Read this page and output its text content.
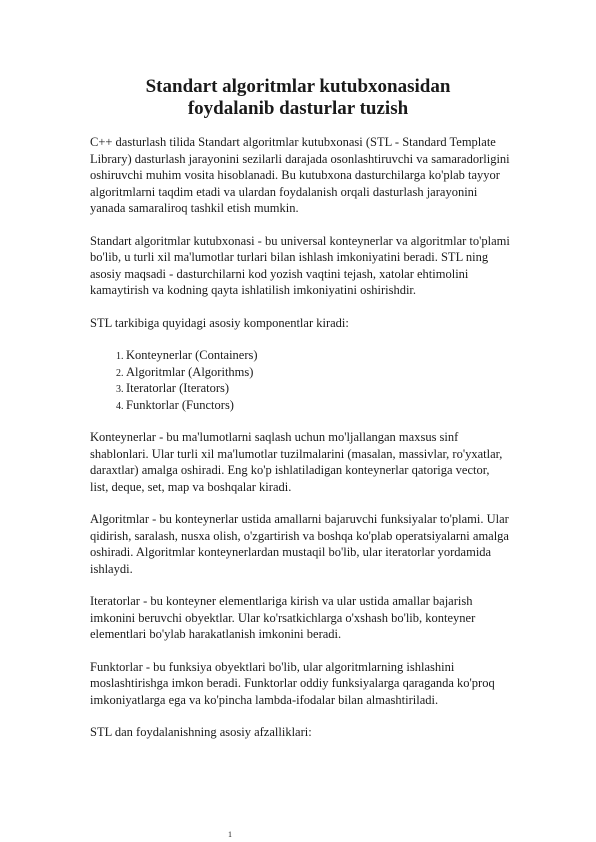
Standart algoritmlar kutubxonasidan
foydalanib dasturlar tuzish

C++ dasturlash tilida Standart algoritmlar kutubxonasi (STL - Standard Template Library) dasturlash jarayonini sezilarli darajada osonlashtiruvchi va samaradorligini oshiruvchi muhim vosita hisoblanadi. Bu kutubxona dasturchilarga ko'plab tayyor algoritmlarni taqdim etadi va ulardan foydalanish orqali dasturlash jarayonini yanada samaraliroq tashkil etish mumkin.

Standart algoritmlar kutubxonasi - bu universal konteynerlar va algoritmlar to'plami bo'lib, u turli xil ma'lumotlar turlari bilan ishlash imkoniyatini beradi. STL ning asosiy maqsadi - dasturchilarni kod yozish vaqtini tejash, xatolar ehtimolini kamaytirish va kodning qayta ishlatilish imkoniyatini oshirishdir.

STL tarkibiga quyidagi asosiy komponentlar kiradi:

1. Konteynerlar (Containers)
2. Algoritmlar (Algorithms)
3. Iteratorlar (Iterators)
4. Funktorlar (Functors)

Konteynerlar - bu ma'lumotlarni saqlash uchun mo'ljallangan maxsus sinf shablonlari. Ular turli xil ma'lumotlar tuzilmalarini (masalan, massivlar, ro'yxatlar, daraxtlar) amalga oshiradi. Eng ko'p ishlatiladigan konteynerlar qatoriga vector, list, deque, set, map va boshqalar kiradi.

Algoritmlar - bu konteynerlar ustida amallarni bajaruvchi funksiyalar to'plami. Ular qidirish, saralash, nusxa olish, o'zgartirish va boshqa ko'plab operatsiyalarni amalga oshiradi. Algoritmlar konteynerlardan mustaqil bo'lib, ular iteratorlar yordamida ishlaydi.

Iteratorlar - bu konteyner elementlariga kirish va ular ustida amallar bajarish imkonini beruvchi obyektlar. Ular ko'rsatkichlarga o'xshash bo'lib, konteyner elementlari bo'ylab harakatlanish imkonini beradi.

Funktorlar - bu funksiya obyektlari bo'lib, ular algoritmlarning ishlashini moslashtirishga imkon beradi. Funktorlar oddiy funksiyalarga qaraganda ko'proq imkoniyatlarga ega va ko'pincha lambda-ifodalar bilan almashtiriladi.

STL dan foydalanishning asosiy afzalliklari:

1
